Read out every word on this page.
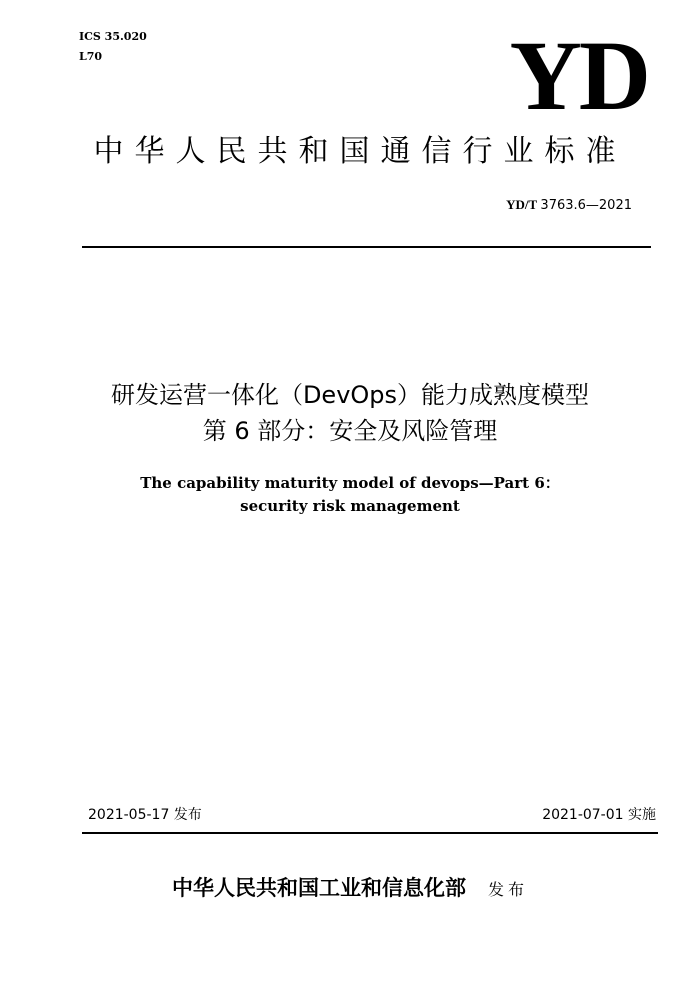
ICS 35.020
L70	YD
中华人民共和国通信行业标准
YD/T 3763.6—2021
研发运营一体化（DevOps）能力成熟度模型
第 6 部分：安全及风险管理
The capability maturity model of devops—Part 6：
security risk management
2021-05-17 发布	2021-07-01 实施
中华人民共和国工业和信息化部 发布
